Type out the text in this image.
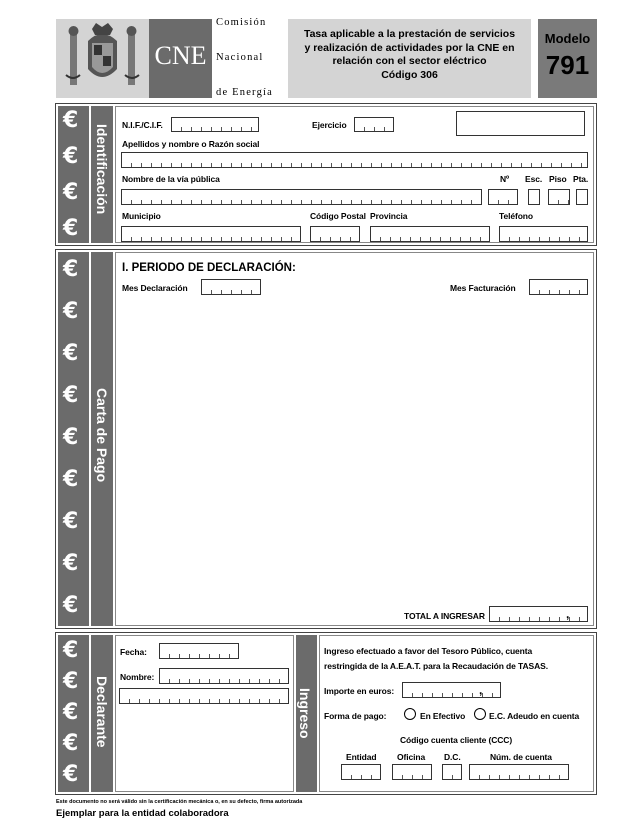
CNE
Comisión
Nacional
de Energía
Tasa aplicable a la prestación de servicios
y realización de actividades por la CNE en
relación con el sector eléctrico
Código 306
Modelo
791
€
€
€
€
Identificación N.I.F./C.I.F.	Ejercicio
Apellidos y nombre o Razón social
Nombre de la vía pública	Nº Esc. Piso Pta.
Municipio	Código Postal Provincia	Teléfono
€
€
€
€
€
€
€
€
€
Carta de Pago
I. PERIODO DE DECLARACIÓN:
Mes Declaración	Mes Facturación
TOTAL A INGRESAR	,
€
€
€
€
€
Declarante
Fecha:
Nombre:
Ingreso
Ingreso efectuado a favor del Tesoro Público, cuenta
restringida de la A.E.A.T. para la Recaudación de TASAS.
Importe en euros:	,
Forma de pago:	En Efectivo	E.C. Adeudo en cuenta
Código cuenta cliente (CCC)
Entidad Oficina D.C.	Núm. de cuenta
Este documento no será válido sin la certificación mecánica o, en su defecto, firma autorizada
Ejemplar para la entidad colaboradora
